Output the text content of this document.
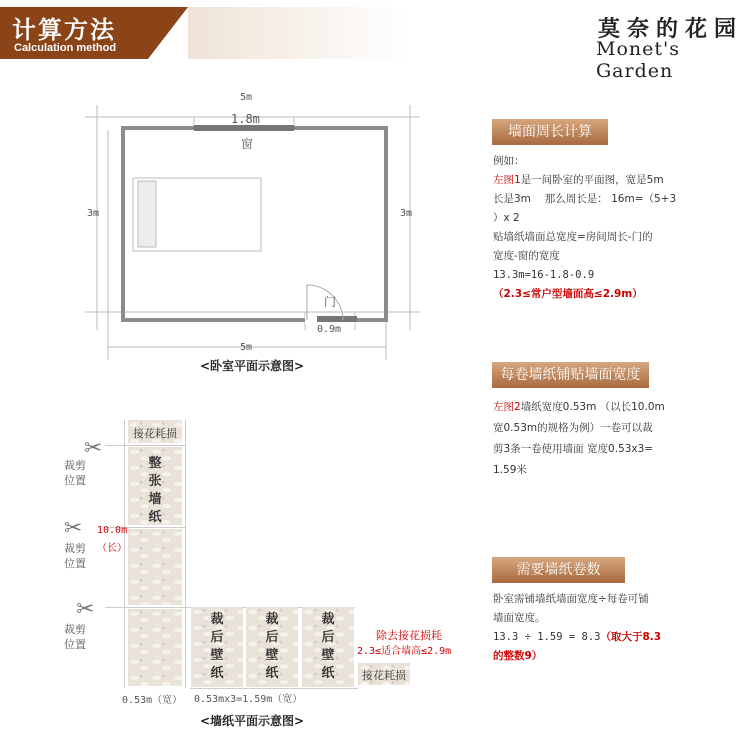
计算方法
Calculation method
莫奈的花园
Monet's Garden
5m
1.8m
窗
3m	3m
门
0.9m
5m
<卧室平面示意图>
墙面周长计算
例如：
左图1是一间卧室的平面图，宽是5m
长是3m　 那么周长是： 16m=（5+3
）x 2
贴墙纸墙面总宽度=房间周长-门的
宽度-窗的宽度
13.3m=16-1.8-0.9
（2.3≤常户型墙面高≤2.9m）
每卷墙纸铺贴墙面宽度
左图2墙纸宽度0.53m （以长10.0m
宽0.53m的规格为例）一卷可以裁
剪3条一卷使用墙面 宽度0.53x3=
1.59米
需要墙纸卷数
卧室需铺墙纸墙面宽度÷每卷可铺
墙面宽度。
13.3 ÷ 1.59 = 8.3（取大于8.3
的整数9）
接花耗损
整
张
墙
纸
✂
裁剪位置
✂
裁剪位置
✂
裁剪位置
10.0m
（长）
裁
后
壁
纸
裁
后
壁
纸
裁
后
壁
纸
除去接花损耗
2.3≤适合墙高≤2.9m
接花耗损
0.53m（宽） 0.53mx3=1.59m（宽）
<墙纸平面示意图>
